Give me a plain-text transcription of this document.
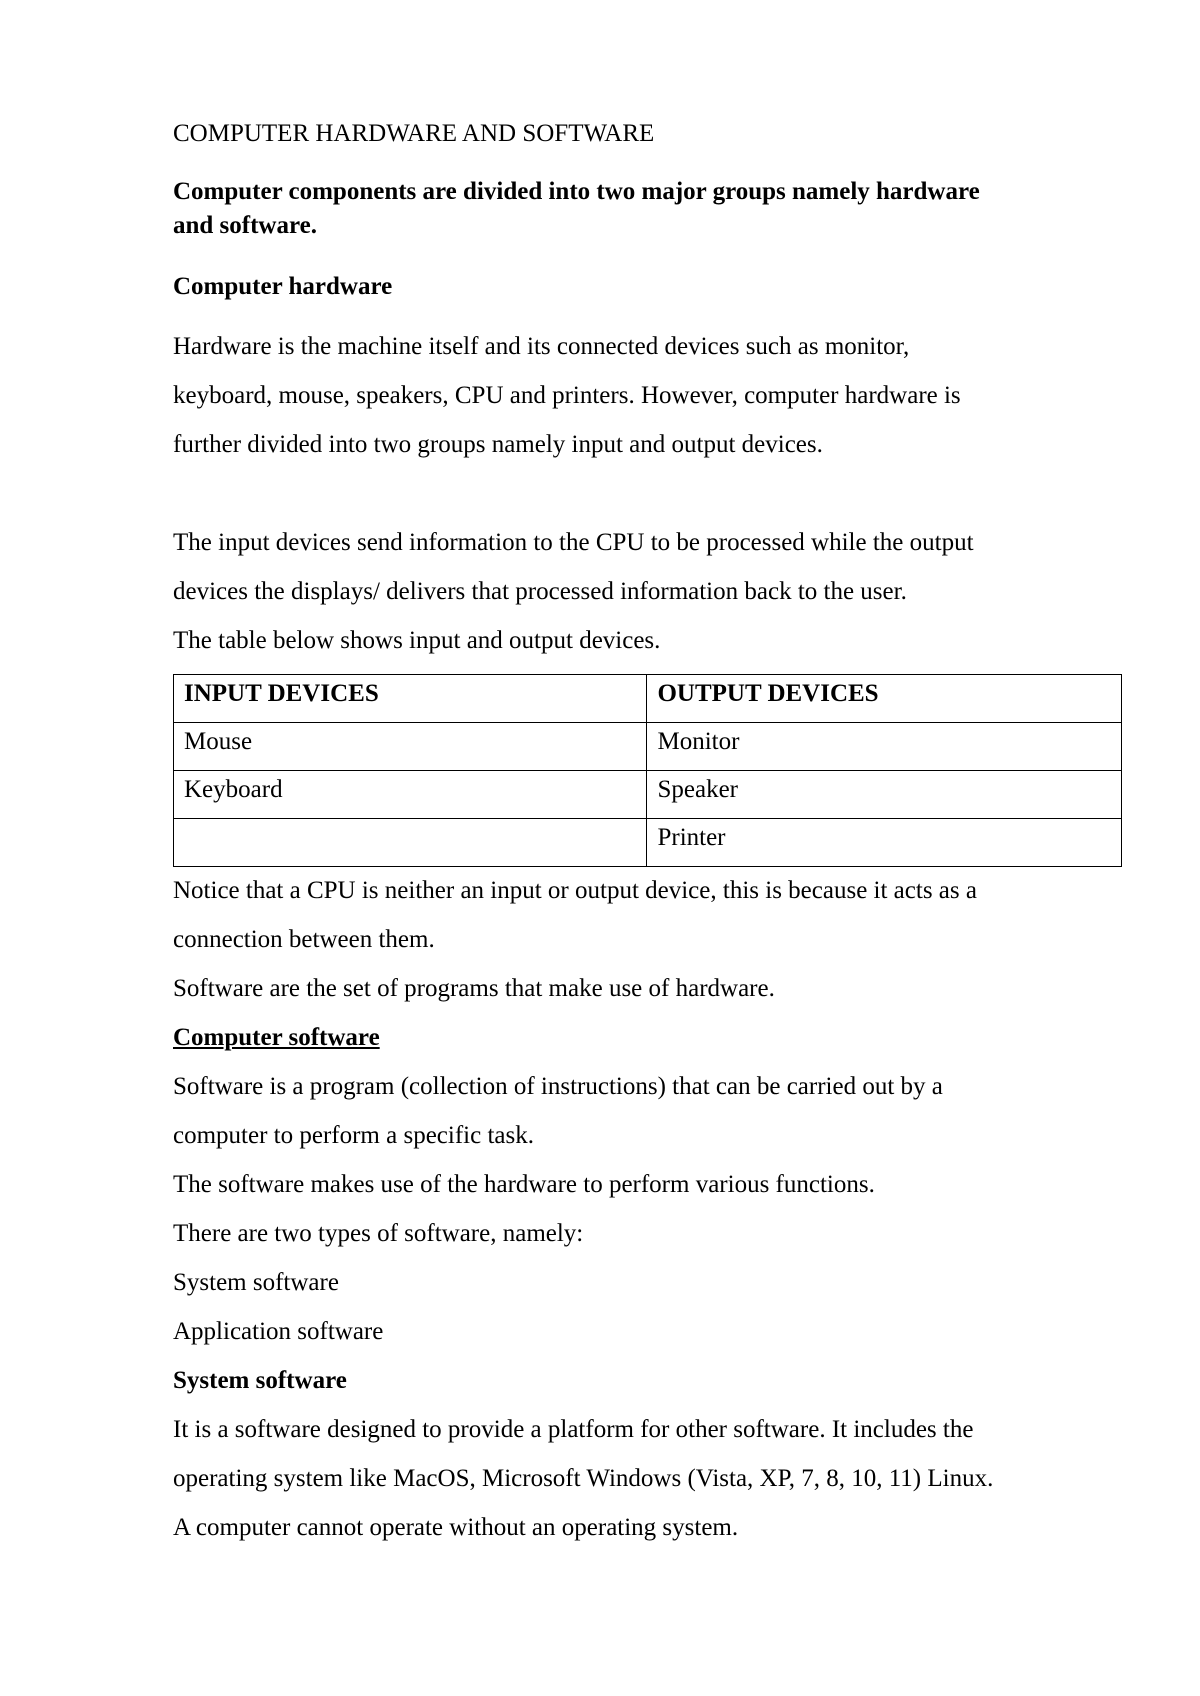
COMPUTER HARDWARE AND SOFTWARE

Computer components are divided into two major groups namely hardware

and software.

Computer hardware

Hardware is the machine itself and its connected devices such as monitor,

keyboard, mouse, speakers, CPU and printers. However, computer hardware is

further divided into two groups namely input and output devices.

The input devices send information to the CPU to be processed while the output

devices the displays/ delivers that processed information back to the user.

The table below shows input and output devices.

INPUT DEVICES	OUTPUT DEVICES
Mouse	Monitor
Keyboard	Speaker
	Printer

Notice that a CPU is neither an input or output device, this is because it acts as a

connection between them.

Software are the set of programs that make use of hardware.

Computer software

Software is a program (collection of instructions) that can be carried out by a

computer to perform a specific task.

The software makes use of the hardware to perform various functions.

There are two types of software, namely:

System software

Application software

System software

It is a software designed to provide a platform for other software. It includes the

operating system like MacOS, Microsoft Windows (Vista, XP, 7, 8, 10, 11) Linux.

A computer cannot operate without an operating system.
